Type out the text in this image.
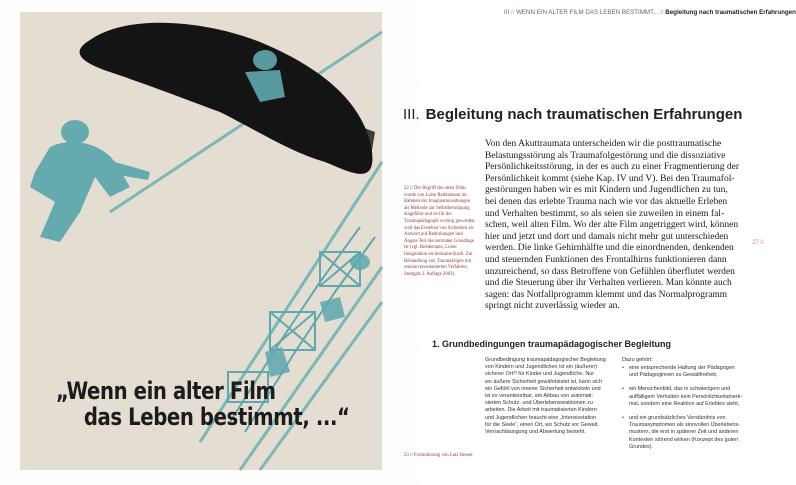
„Wenn ein alter Film
das Leben bestimmt, ...“
III // WENN EIN ALTER FILM DAS LEBEN BESTIMMT... // Begleitung nach traumatischen Erfahrungen
III. Begleitung nach traumatischen Erfahrungen
22 // Der Begriff des alten Films wurde von Luise Reddemann im Rahmen der Imaginationsübungen als Methode zur Selbstberuhigung eingeführt und ist für die Traumapädagogik wichtig geworden, weil das Erstellen von Sicherheit als Antwort auf Bedrohungen und Ängste Teil des zentralen Grundlage ist (vgl. Reddemann, Luise: Imagination als heilsame Kraft. Zur Behandlung von Traumafolgen mit ressourcenorientierten Verfahren, Stuttgart 2. Auflage 2003).

Von den Akuttraumata unterscheiden wir die posttraumatische
Belastungsstörung als Traumafolgestörung und die dissoziative
Persönlichkeitsstörung, in der es auch zu einer Fragmentierung der
Persönlichkeit kommt (siehe Kap. IV und V). Bei den Traumafol-
gestörungen haben wir es mit Kindern und Jugendlichen zu tun,
bei denen das erlebte Trauma nach wie vor das aktuelle Erleben
und Verhalten bestimmt, so als seien sie zuweilen in einem fal-
schen, weil alten Film. Wo der alte Film angetriggert wird, können
hier und jetzt und dort und damals nicht mehr gut unterschieden
werden. Die linke Gehirnhälfte und die einordnenden, denkenden
und steuernden Funktionen des Frontalhirns funktionieren dann
unzureichend, so dass Betroffene von Gefühlen überflutet werden
und die Steuerung über ihr Verhalten verlieren. Man könnte auch
sagen: das Notfallprogramm klemmt und das Normalprogramm
springt nicht zuverlässig wieder an.

27 //
1. Grundbedingungen traumapädagogischer Begleitung

Grundbedingung traumapädagogischer Begleitung
von Kindern und Jugendlichen ist ein (äußerer)
sicherer Ort²³ für Kinder und Jugendliche. Nur
wo äußere Sicherheit gewährleistet ist, kann sich
ein Gefühl von innerer Sicherheit entwickeln und
ist es verantwortbar, am Abbau von automati-
sierten Schutz- und Überlebensreaktionen zu
arbeiten. Die Arbeit mit traumatisierten Kindern
und Jugendlichen braucht eine „Intensivstation
für die Seele“, einen Ort, wo Schutz vor Gewalt,
Vernachlässigung und Abwertung besteht.

Dazu gehört:
• eine entsprechende Haltung der Pädagogen
und Pädagoginnen zu Gewaltfreiheit,
• ein Menschenbild, das in schwierigem und
auffälligem Verhalten kein Persönlichkeitsmerk-
mal, sondern eine Reaktion auf Erlebtes sieht,
• und ein grundsätzliches Verständnis von
Traumasymptomen als sinnvollen Überlebens-
mustern, die erst in späterer Zeit und anderen
Kontexten störend wirken (Konzept des guten
Grundes).
23 // Formulierung von Lutz Besser.
